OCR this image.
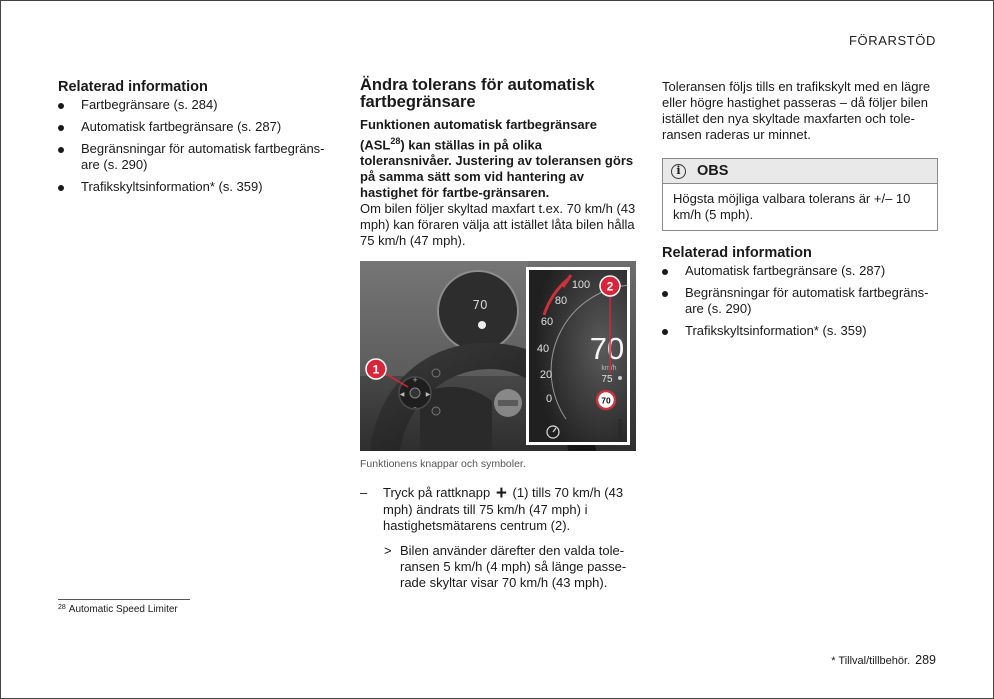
FÖRARSTÖD
Relaterad information
Fartbegränsare (s. 284)
Automatisk fartbegränsare (s. 287)
Begränsningar för automatisk fartbegräns-are (s. 290)
Trafikskyltsinformation* (s. 359)
Ändra tolerans för automatisk fartbegränsare

Funktionen automatisk fartbegränsare (ASL$^{28}$) kan ställas in på olika toleransnivåer. Justering av toleransen görs på samma sätt som vid hantering av hastighet för fartbe-gränsaren.

Om bilen följer skyltad maxfart t.ex. 70 km/h (43 mph) kan föraren välja att istället låta bilen hålla 75 km/h (47 mph).

70
+
–
◀	▶
1
0
20
40
60
80
100
70
km/h
75
70
G046854
2
Funktionens knappar och symboler.
– Tryck på rattknapp + (1) tills 70 km/h (43 mph) ändrats till 75 km/h (47 mph) i hastighetsmätarens centrum (2).
> Bilen använder därefter den valda tole-ransen 5 km/h (4 mph) så länge passe-rade skyltar visar 70 km/h (43 mph).

Toleransen följs tills en trafikskylt med en lägre eller högre hastighet passeras – då följer bilen istället den nya skyltade maxfarten och tole-ransen raderas ur minnet.

i	OBS
Högsta möjliga valbara tolerans är +/– 10 km/h (5 mph).
Relaterad information
Automatisk fartbegränsare (s. 287)
Begränsningar för automatisk fartbegräns-are (s. 290)
Trafikskyltsinformation* (s. 359)
$^{28}$ Automatic Speed Limiter
* Tillval/tillbehör. 289
